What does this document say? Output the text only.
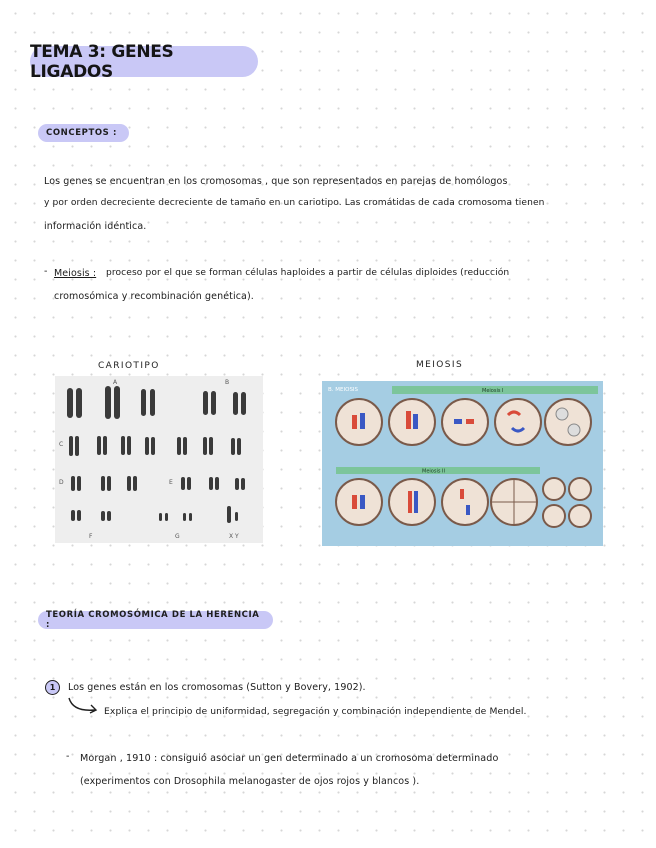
TEMA 3: GENES LIGADOS
CONCEPTOS :
Los genes se encuentran en los cromosomas , que son representados en parejas de homólogos
y por orden decreciente decreciente de tamaño en un cariotipo. Las cromátidas de cada cromosoma tienen
información idéntica.
- Meiosis : proceso por el que se forman células haploides a partir de células diploides (reducción
cromosómica y recombinación genética).
CARIOTIPO	MEIOSIS
A	B
C
D	E
F	G	X Y
B. MEIOSIS	Meiosis I
Meiosis II
TEORÍA CROMOSÓMICA DE LA HERENCIA :
1 Los genes están en los cromosomas (Sutton y Bovery, 1902).
Explica el principio de uniformidad, segregación y combinación independiente de Mendel.
- Morgan , 1910 : consiguió asociar un gen determinado a un cromosoma determinado
(experimentos con Drosophila melanogaster de ojos rojos y blancos ).
